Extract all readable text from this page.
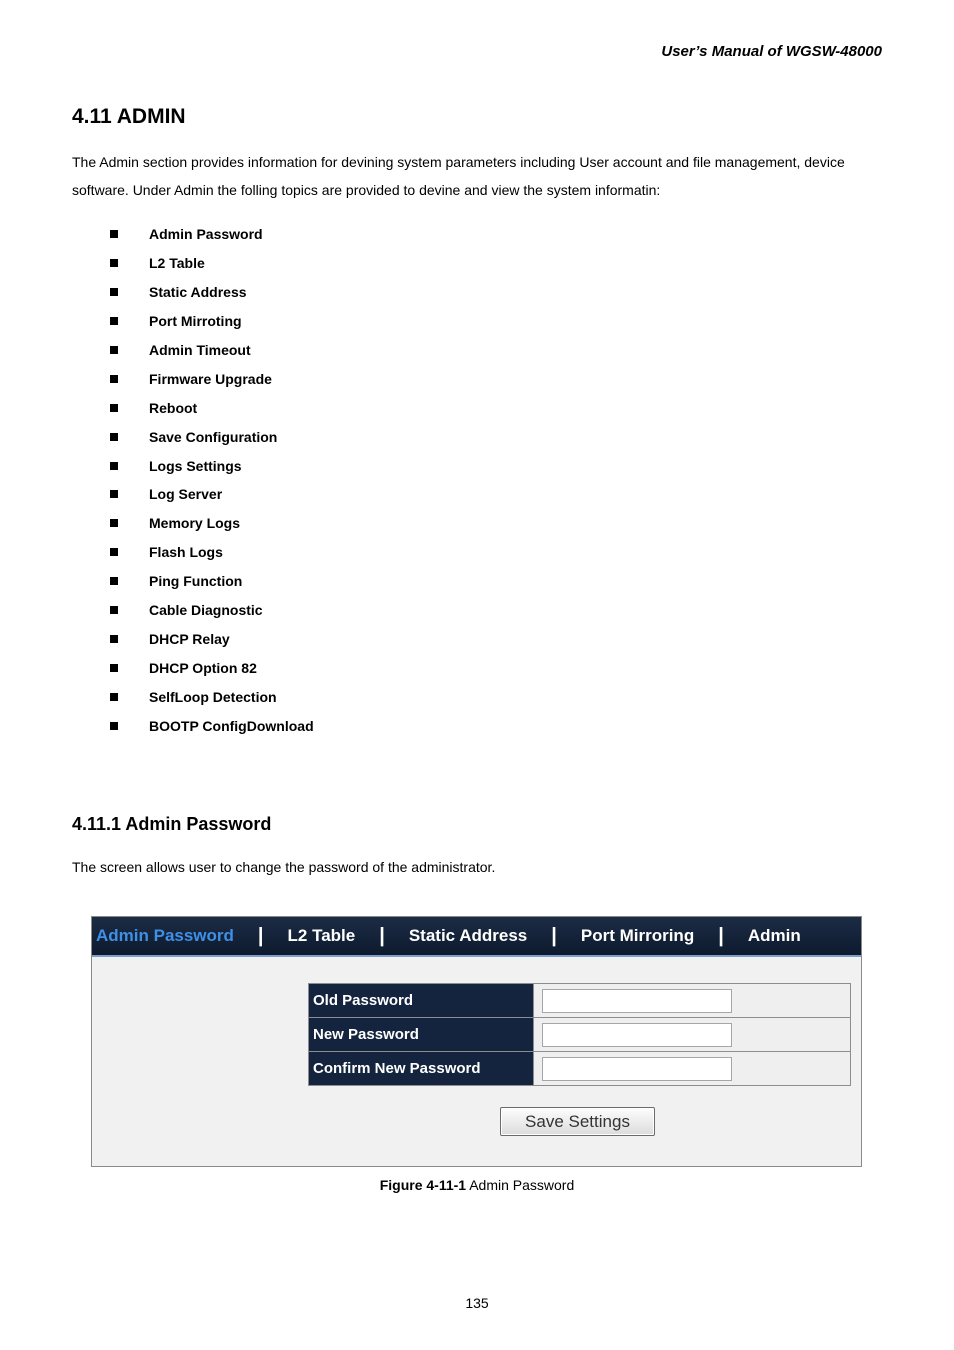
User’s Manual of WGSW-48000
4.11 ADMIN
The Admin section provides information for devining system parameters including User account and file management, device software. Under Admin the folling topics are provided to devine and view the system informatin:
Admin Password
L2 Table
Static Address
Port Mirroting
Admin Timeout
Firmware Upgrade
Reboot
Save Configuration
Logs Settings
Log Server
Memory Logs
Flash Logs
Ping Function
Cable Diagnostic
DHCP Relay
DHCP Option 82
SelfLoop Detection
BOOTP ConfigDownload
4.11.1 Admin Password
The screen allows user to change the password of the administrator.
Admin Password	|	L2 Table	|	Static Address	|	Port Mirroring	|	Admin
Old Password
New Password
Confirm New Password
Save Settings
Figure 4-11-1 Admin Password
135
